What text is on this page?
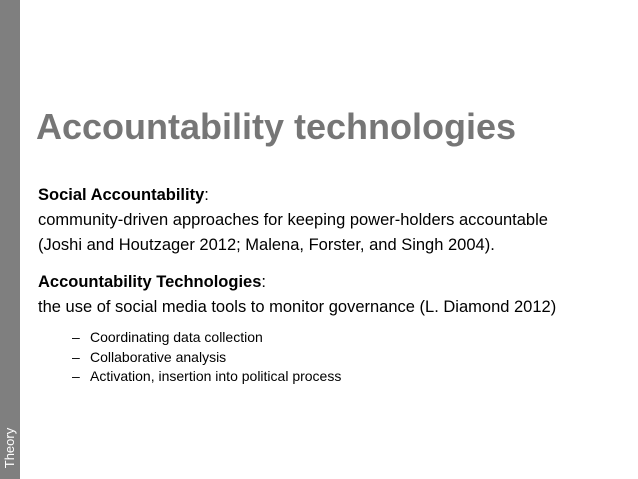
Theory
Accountability technologies
Social Accountability:
community-driven approaches for keeping power-holders accountable
(Joshi and Houtzager 2012; Malena, Forster, and Singh 2004).
Accountability Technologies:
the use of social media tools to monitor governance (L. Diamond 2012)
– Coordinating data collection
– Collaborative analysis
– Activation, insertion into political process
